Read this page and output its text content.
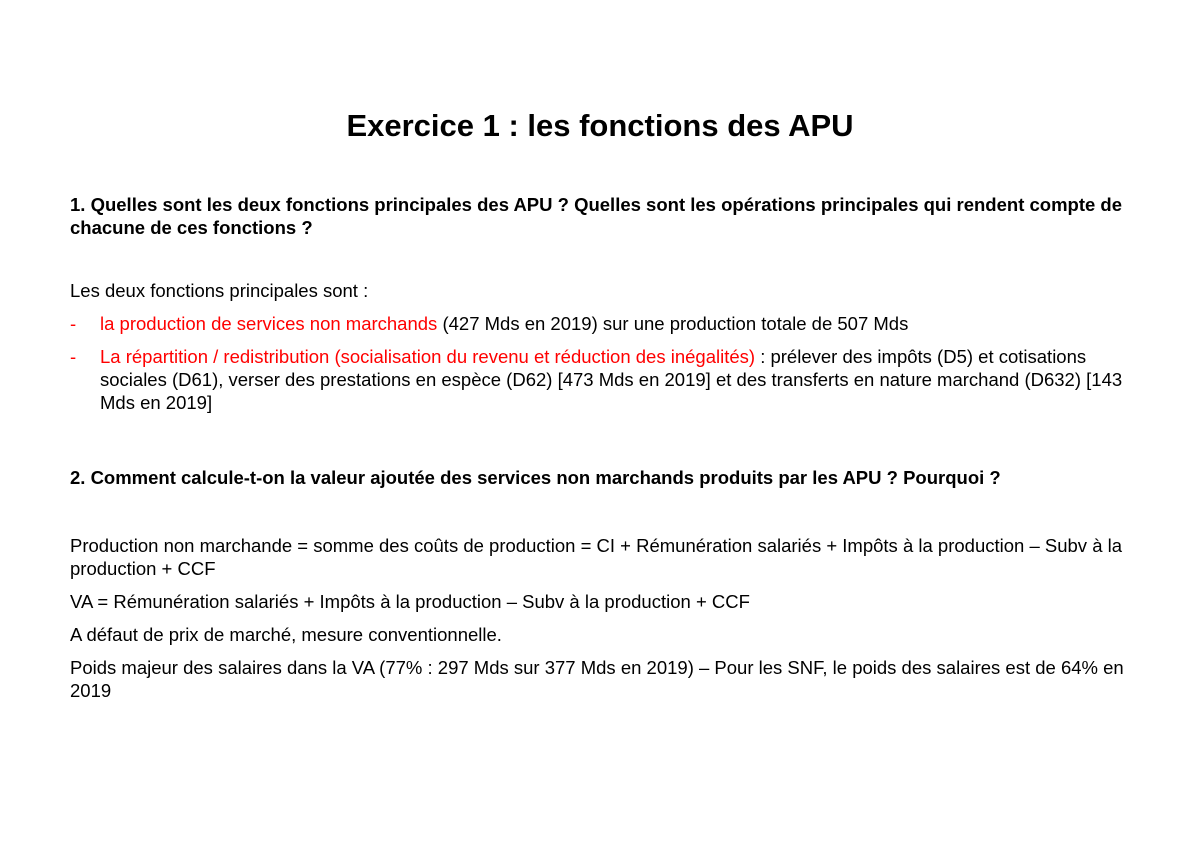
Exercice 1 : les fonctions des APU

1. Quelles sont les deux fonctions principales des APU ? Quelles sont les opérations principales qui rendent compte de chacune de ces fonctions ?

Les deux fonctions principales sont :

- la production de services non marchands (427 Mds en 2019) sur une production totale de 507 Mds
- La répartition / redistribution (socialisation du revenu et réduction des inégalités) : prélever des impôts (D5) et cotisations sociales (D61), verser des prestations en espèce (D62) [473 Mds en 2019] et des transferts en nature marchand (D632) [143 Mds en 2019]

2. Comment calcule-t-on la valeur ajoutée des services non marchands produits par les APU ? Pourquoi ?

Production non marchande = somme des coûts de production = CI + Rémunération salariés + Impôts à la production – Subv à la production + CCF

VA = Rémunération salariés + Impôts à la production – Subv à la production + CCF

A défaut de prix de marché, mesure conventionnelle.

Poids majeur des salaires dans la VA (77% : 297 Mds sur 377 Mds en 2019) – Pour les SNF, le poids des salaires est de 64% en 2019
